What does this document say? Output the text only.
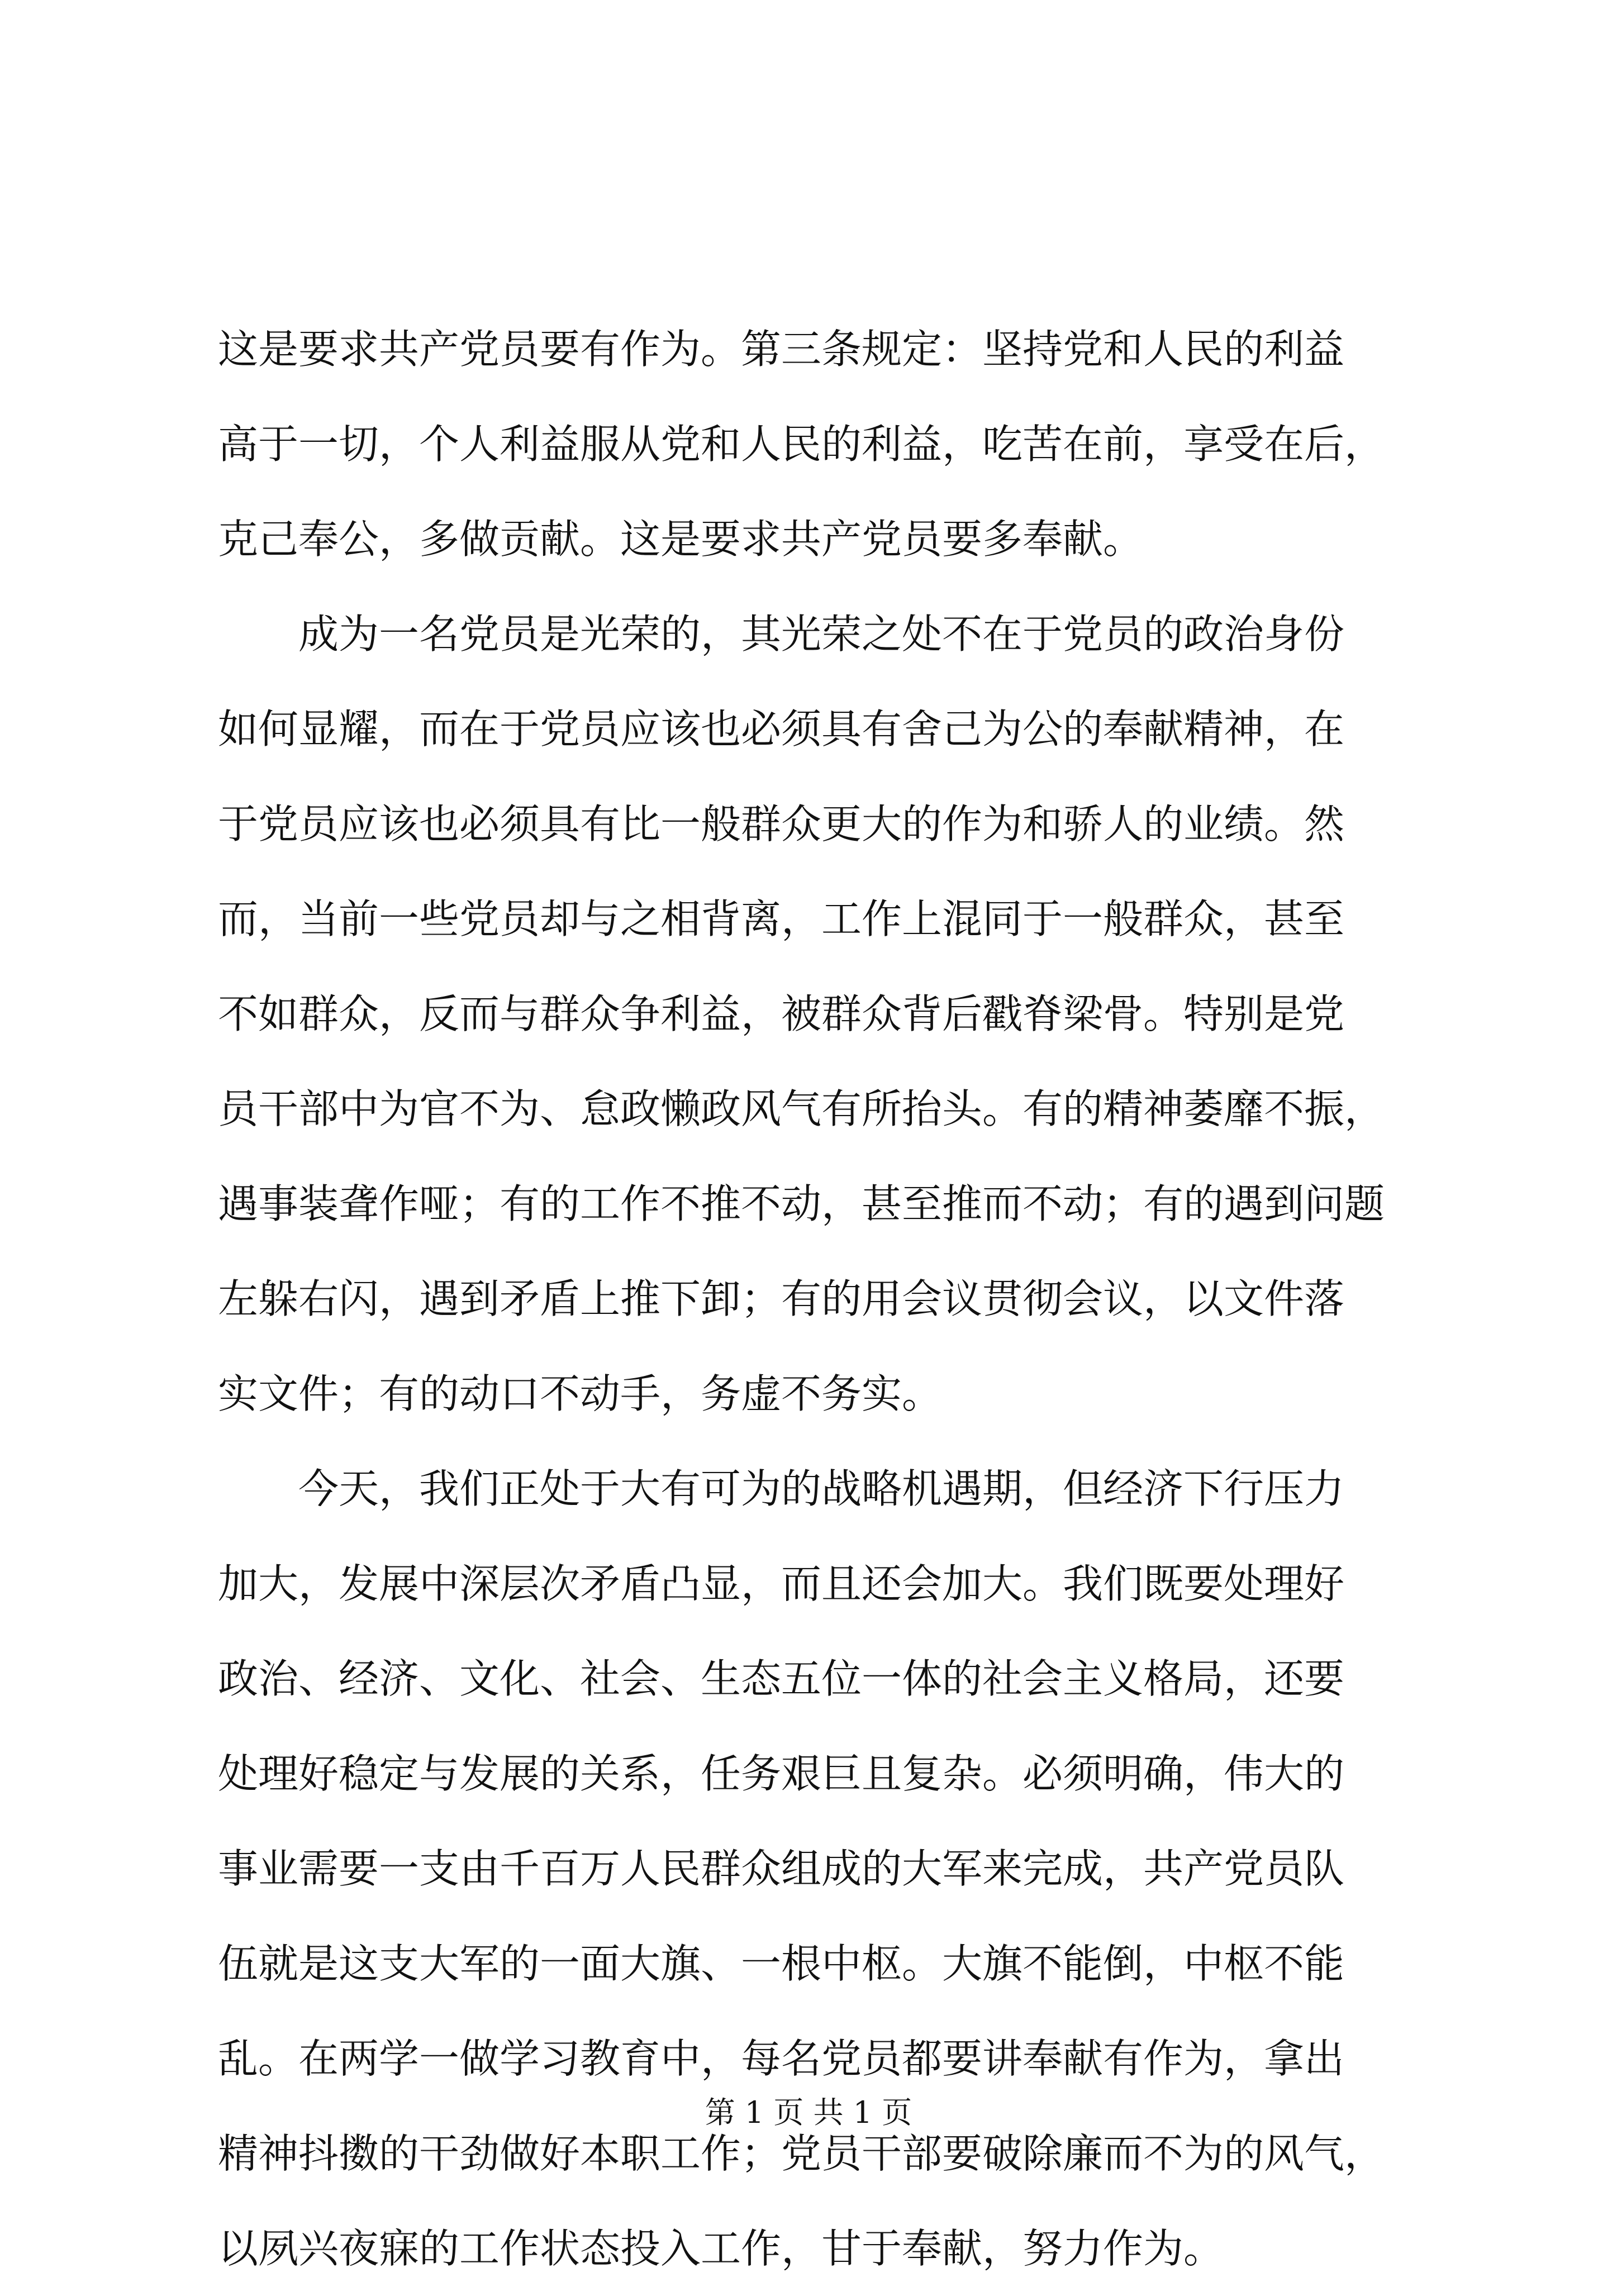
这是要求共产党员要有作为。第三条规定：坚持党和人民的利益
高于一切，个人利益服从党和人民的利益，吃苦在前，享受在后，
克己奉公，多做贡献。这是要求共产党员要多奉献。
成为一名党员是光荣的，其光荣之处不在于党员的政治身份
如何显耀，而在于党员应该也必须具有舍己为公的奉献精神，在
于党员应该也必须具有比一般群众更大的作为和骄人的业绩。然
而，当前一些党员却与之相背离，工作上混同于一般群众，甚至
不如群众，反而与群众争利益，被群众背后戳脊梁骨。特别是党
员干部中为官不为、怠政懒政风气有所抬头。有的精神萎靡不振，
遇事装聋作哑；有的工作不推不动，甚至推而不动；有的遇到问题
左躲右闪，遇到矛盾上推下卸；有的用会议贯彻会议，以文件落
实文件；有的动口不动手，务虚不务实。
今天，我们正处于大有可为的战略机遇期，但经济下行压力
加大，发展中深层次矛盾凸显，而且还会加大。我们既要处理好
政治、经济、文化、社会、生态五位一体的社会主义格局，还要
处理好稳定与发展的关系，任务艰巨且复杂。必须明确，伟大的
事业需要一支由千百万人民群众组成的大军来完成，共产党员队
伍就是这支大军的一面大旗、一根中枢。大旗不能倒，中枢不能
乱。在两学一做学习教育中，每名党员都要讲奉献有作为，拿出
精神抖擞的干劲做好本职工作；党员干部要破除廉而不为的风气，
以夙兴夜寐的工作状态投入工作，甘于奉献，努力作为。
第 1 页 共 1 页
